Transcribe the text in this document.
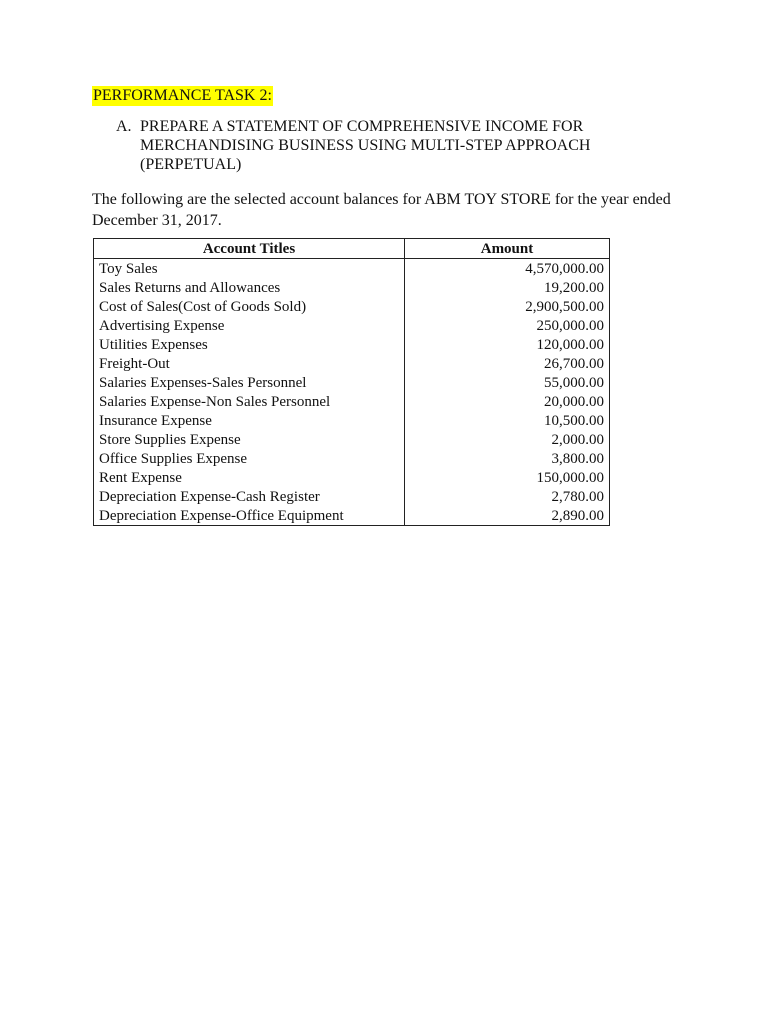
PERFORMANCE TASK 2:
A. PREPARE A STATEMENT OF COMPREHENSIVE INCOME FOR MERCHANDISING BUSINESS USING MULTI-STEP APPROACH (PERPETUAL)
The following are the selected account balances for ABM TOY STORE for the year ended December 31, 2017.
Account Titles	Amount
Toy Sales	4,570,000.00
Sales Returns and Allowances	19,200.00
Cost of Sales(Cost of Goods Sold)	2,900,500.00
Advertising Expense	250,000.00
Utilities Expenses	120,000.00
Freight-Out	26,700.00
Salaries Expenses-Sales Personnel	55,000.00
Salaries Expense-Non Sales Personnel	20,000.00
Insurance Expense	10,500.00
Store Supplies Expense	2,000.00
Office Supplies Expense	3,800.00
Rent Expense	150,000.00
Depreciation Expense-Cash Register	2,780.00
Depreciation Expense-Office Equipment	2,890.00
